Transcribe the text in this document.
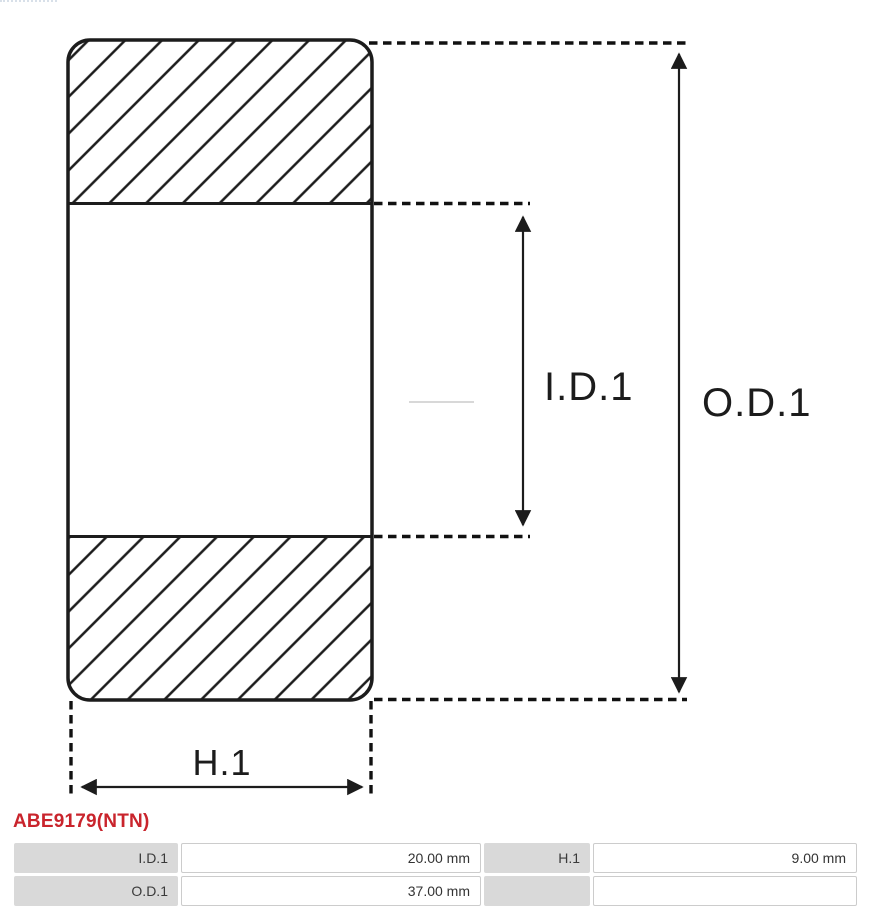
I.D.1 O.D.1
H.1
ABE9179(NTN)
I.D.1	20.00 mm	H.1	9.00 mm
O.D.1	37.00 mm		
